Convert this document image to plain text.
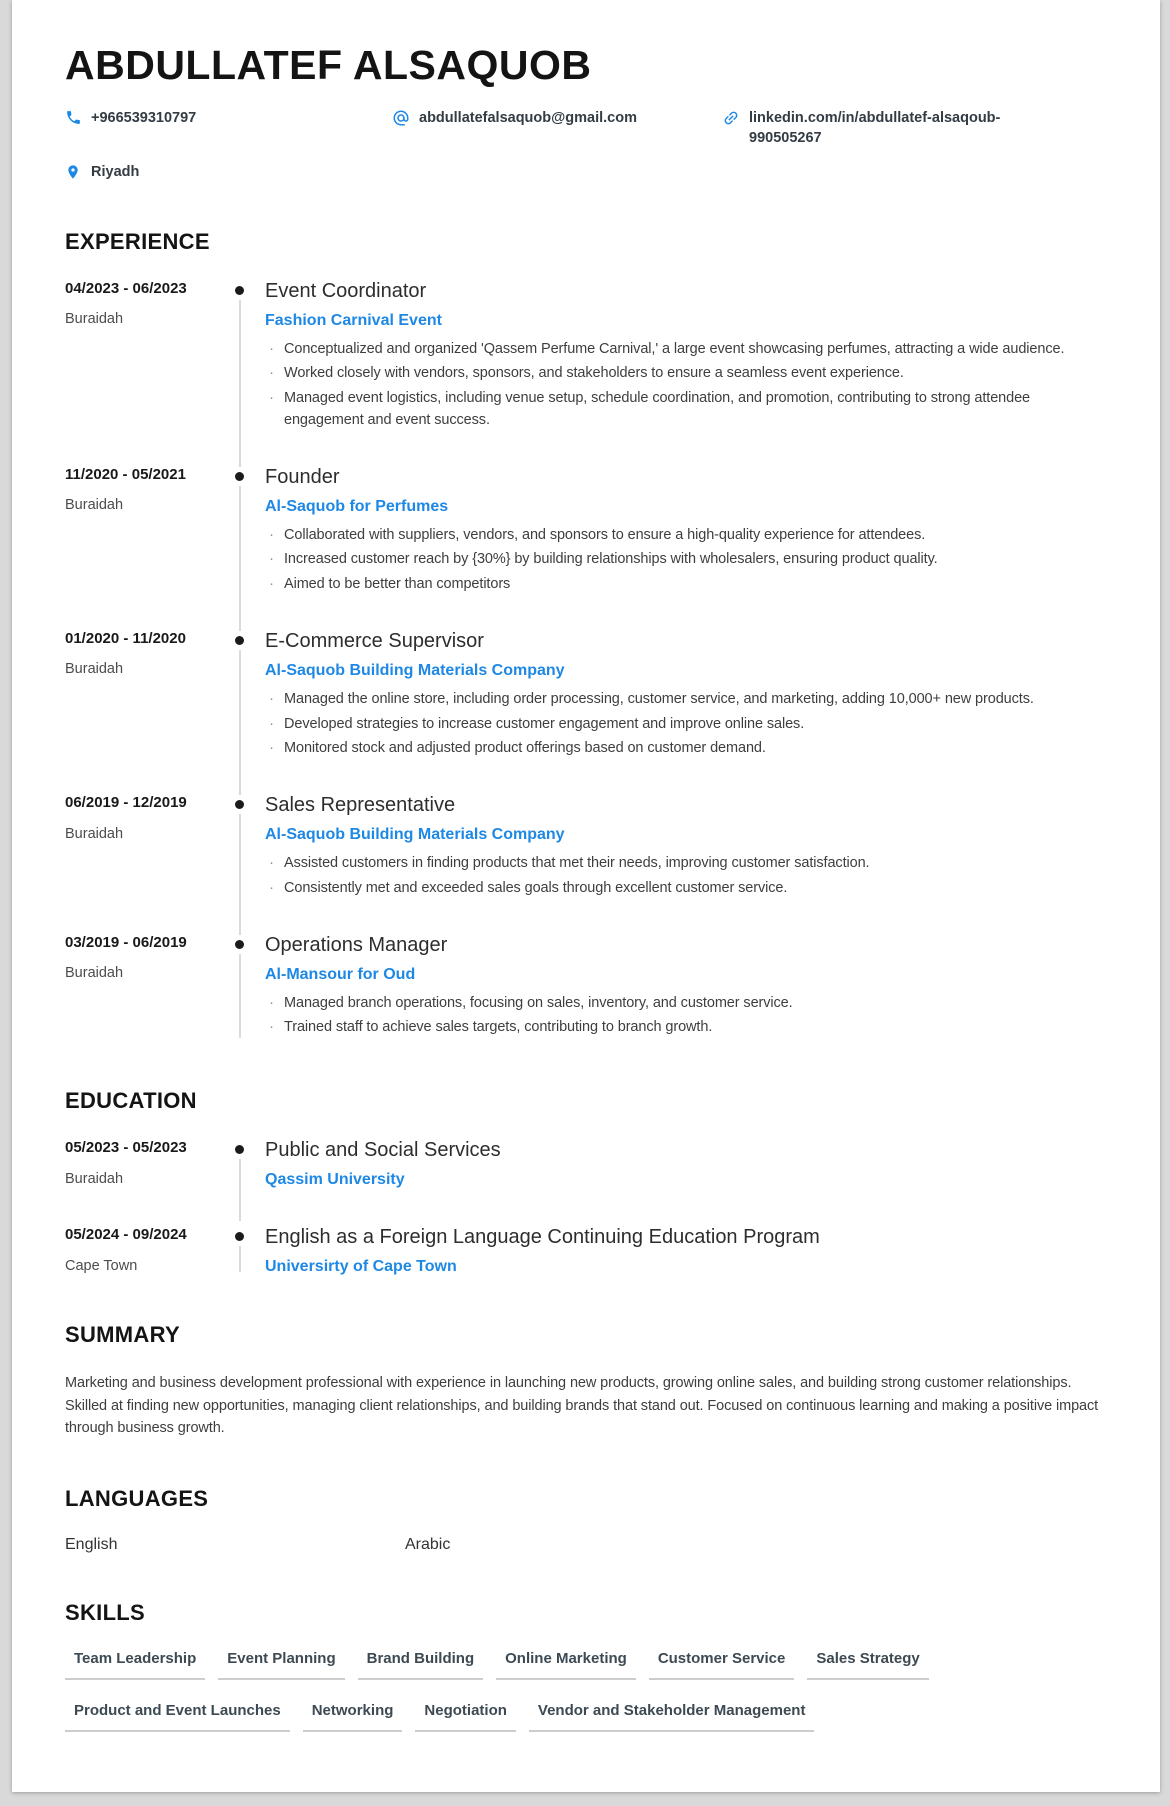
ABDULLATEF ALSAQUOB
+966539310797	abdullatefalsaquob@gmail.com	linkedin.com/in/abdullatef-alsaqoub-990505267
Riyadh
EXPERIENCE
04/2023 - 06/2023
Buraidah
Event Coordinator
Fashion Carnival Event
· Conceptualized and organized 'Qassem Perfume Carnival,' a large event showcasing perfumes, attracting a wide audience.
· Worked closely with vendors, sponsors, and stakeholders to ensure a seamless event experience.
· Managed event logistics, including venue setup, schedule coordination, and promotion, contributing to strong attendee engagement and event success.
11/2020 - 05/2021
Buraidah
Founder
Al-Saquob for Perfumes
· Collaborated with suppliers, vendors, and sponsors to ensure a high-quality experience for attendees.
· Increased customer reach by {30%} by building relationships with wholesalers, ensuring product quality.
· Aimed to be better than competitors
01/2020 - 11/2020
Buraidah
E-Commerce Supervisor
Al-Saquob Building Materials Company
· Managed the online store, including order processing, customer service, and marketing, adding 10,000+ new products.
· Developed strategies to increase customer engagement and improve online sales.
· Monitored stock and adjusted product offerings based on customer demand.
06/2019 - 12/2019
Buraidah
Sales Representative
Al-Saquob Building Materials Company
· Assisted customers in finding products that met their needs, improving customer satisfaction.
· Consistently met and exceeded sales goals through excellent customer service.
03/2019 - 06/2019
Buraidah
Operations Manager
Al-Mansour for Oud
· Managed branch operations, focusing on sales, inventory, and customer service.
· Trained staff to achieve sales targets, contributing to branch growth.
EDUCATION
05/2023 - 05/2023
Buraidah
Public and Social Services
Qassim University
05/2024 - 09/2024
Cape Town
English as a Foreign Language Continuing Education Program
Universirty of Cape Town
SUMMARY

Marketing and business development professional with experience in launching new products, growing online sales, and building strong customer relationships. Skilled at finding new opportunities, managing client relationships, and building brands that stand out. Focused on continuous learning and making a positive impact through business growth.

LANGUAGES
English	Arabic
SKILLS
Team Leadership	Event Planning	Brand Building	Online Marketing	Customer Service	Sales Strategy
Product and Event Launches	Networking	Negotiation	Vendor and Stakeholder Management
